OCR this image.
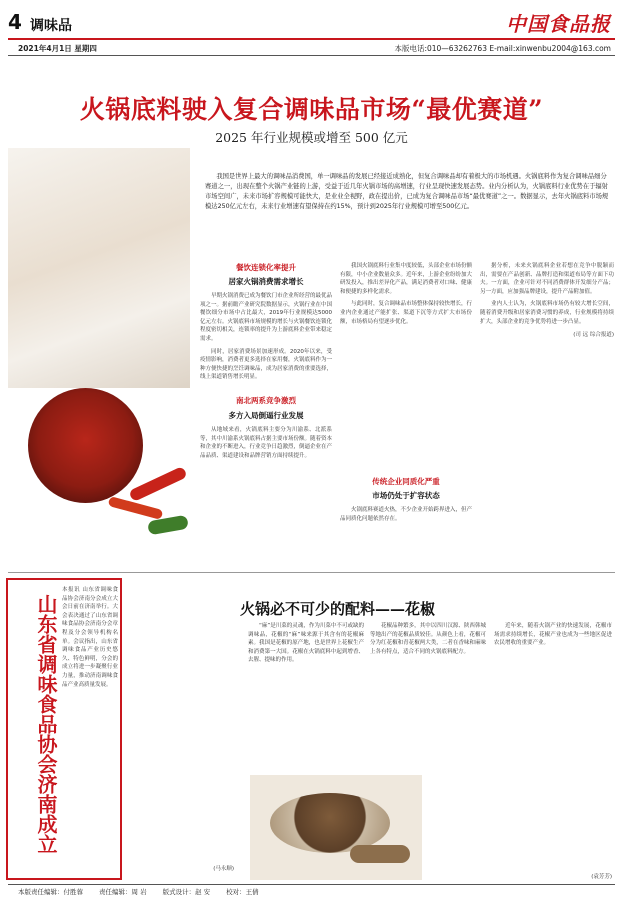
4 调味品	中国食品报
2021年4月1日 星期四	本版电话:010—63262763 E-mail:xinwenbu2004@163.com
火锅底料驶入复合调味品市场“最优赛道”
2025 年行业规模或增至 500 亿元
我国是世界上最大的调味品消费国，单一调味品的发展已经接近成熟化，但复合调味品却有着极大的市场机遇。火锅底料作为复合调味品细分赛道之一，出现在整个火锅产业链的上游，受益于近几年火锅市场的高增速，行业呈现快速发展态势。业内分析认为，火锅底料行业优势在于辐射市场空间广，未来市场扩容规模可能快大，是业业全视野，政在提出价，已成为复合调味品市场“最优赛道”之一。数据显示，去年火锅底料市场规模达250亿元左右，未来行业增速有望保持在约15%，预计到2025年行业规模可增至500亿元。
餐饮连锁化率提升
居家火锅消费需求增长
早期火锅消费已成为餐饮门市企业所经营的最优品项之一。据前瞻产业研究院数据显示，火锅行业在中国餐饮细分市场中占比最大，2019年行业规模达5000亿元左右。火锅底料市场规模的增长与火锅餐饮连锁化程度密切相关，连锁率的提升为上游底料企业带来稳定需求。
同时，居家消费场景加速形成。2020年以来，受疫情影响，消费者更多选择在家用餐，火锅底料作为一种方便快捷的烹饪调味品，成为居家消费的重要选择，线上渠道销售增长明显。
南北两系竞争激烈
多方入局倒逼行业发展
从地域来看，火锅底料主要分为川渝系、北派系等，其中川渝系火锅底料占据主要市场份额。随着资本和企业的不断进入，行业竞争日趋激烈，倒逼企业在产品品质、渠道建设和品牌营销方面持续提升。
我国火锅底料行业集中度较低，头部企业市场份额有限，中小企业数量众多。近年来，上游企业纷纷加大研发投入，推出差异化产品，满足消费者对口味、健康和便捷的多样化需求。
与此同时，复合调味品市场整体保持较快增长，行业内企业通过产能扩张、渠道下沉等方式扩大市场份额，市场格局有望逐步优化。
传统企业同质化严重
市场仍处于扩容状态
火锅底料赛道火热，不少企业开始跨界进入，但产品同质化问题依然存在。
据分析，未来火锅底料企业若想在竞争中脱颖而出，需要在产品创新、品牌打造和渠道布局等方面下功夫。一方面，企业可针对不同消费群体开发细分产品；另一方面，应加强品牌建设，提升产品附加值。
业内人士认为，火锅底料市场仍有较大增长空间，随着消费升级和居家消费习惯的养成，行业规模将持续扩大，头部企业的竞争优势将进一步凸显。
(司 远 综合报道)
山东省调味食品协会济南成立
本报讯 山东省调味食品协会济南分会成立大会日前在济南举行。大会表决通过了山东省调味食品协会济南分会章程及分会领导机构名单。会议指出，山东省调味食品产业历史悠久、特色鲜明，分会的成立将进一步凝聚行业力量，推动济南调味食品产业高质量发展。
(马永顺)
火锅必不可少的配料——花椒
“麻”是川菜的灵魂，作为川菜中不可或缺的调味品，花椒的“麻”味来源于其含有的花椒麻素。我国是花椒的原产地，也是世界上花椒生产和消费第一大国。花椒在火锅底料中起到增香、去腥、提味的作用。
花椒品种繁多，其中以四川汉源、陕西韩城等地出产的花椒品质较佳。从颜色上看，花椒可分为红花椒和青花椒两大类，二者在香味和麻味上各有特点，适合不同的火锅底料配方。
近年来，随着火锅产业的快速发展，花椒市场需求持续增长，花椒产业也成为一些地区促进农民增收的重要产业。
(袁芳芳)
本版责任编辑：付胜蓉 责任编辑：周 岩 版式设计：赵 安 校对：王倩
